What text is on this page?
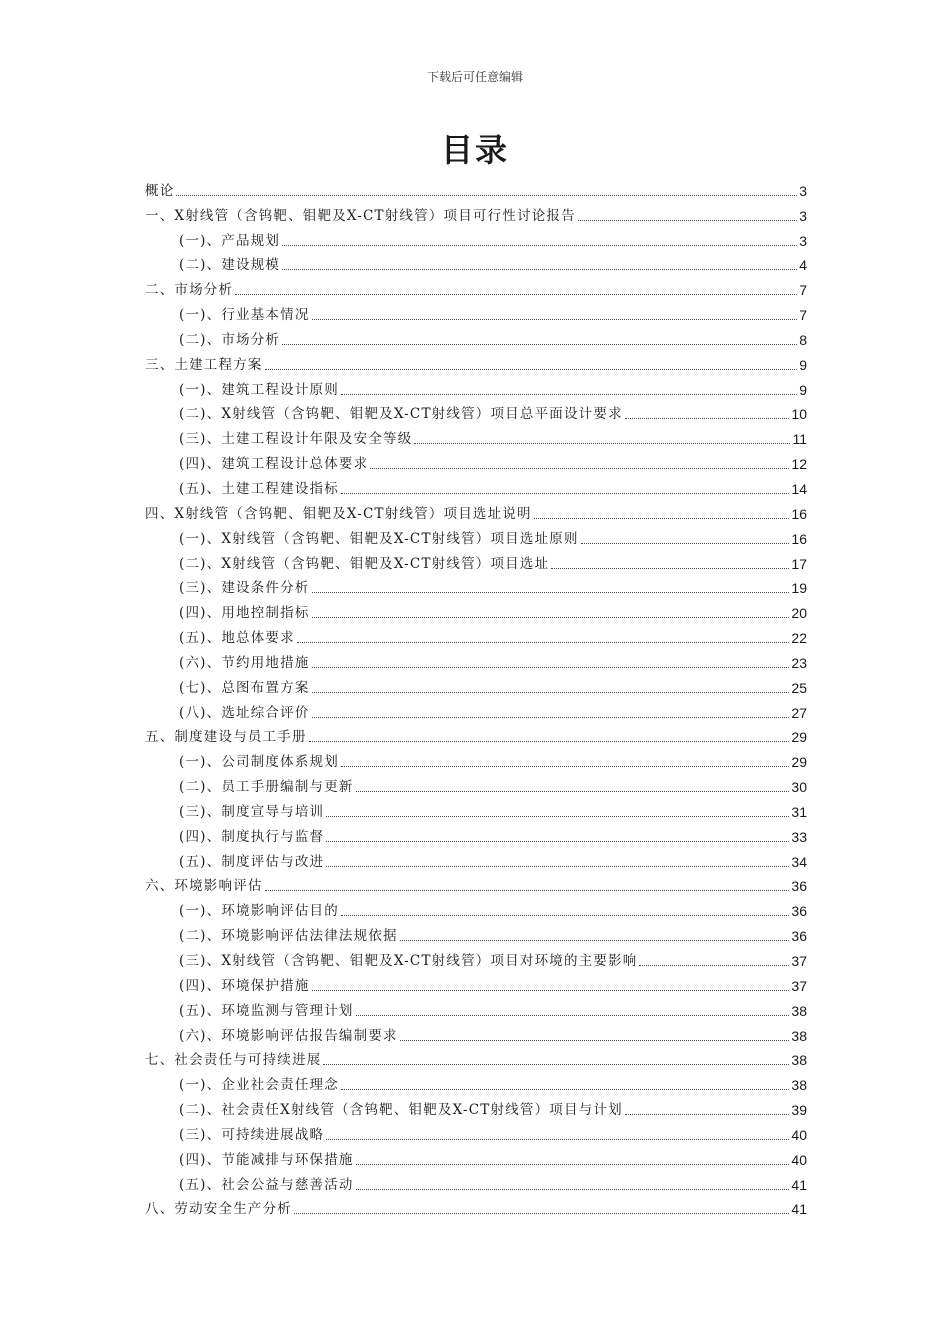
下载后可任意编辑
目录
概论	3
一、X射线管（含钨靶、钼靶及X-CT射线管）项目可行性讨论报告	3
(一)、产品规划	3
(二)、建设规模	4
二、市场分析	7
(一)、行业基本情况	7
(二)、市场分析	8
三、土建工程方案	9
(一)、建筑工程设计原则	9
(二)、X射线管（含钨靶、钼靶及X-CT射线管）项目总平面设计要求	10
(三)、土建工程设计年限及安全等级	11
(四)、建筑工程设计总体要求	12
(五)、土建工程建设指标	14
四、X射线管（含钨靶、钼靶及X-CT射线管）项目选址说明	16
(一)、X射线管（含钨靶、钼靶及X-CT射线管）项目选址原则	16
(二)、X射线管（含钨靶、钼靶及X-CT射线管）项目选址	17
(三)、建设条件分析	19
(四)、用地控制指标	20
(五)、地总体要求	22
(六)、节约用地措施	23
(七)、总图布置方案	25
(八)、选址综合评价	27
五、制度建设与员工手册	29
(一)、公司制度体系规划	29
(二)、员工手册编制与更新	30
(三)、制度宣导与培训	31
(四)、制度执行与监督	33
(五)、制度评估与改进	34
六、环境影响评估	36
(一)、环境影响评估目的	36
(二)、环境影响评估法律法规依据	36
(三)、X射线管（含钨靶、钼靶及X-CT射线管）项目对环境的主要影响	37
(四)、环境保护措施	37
(五)、环境监测与管理计划	38
(六)、环境影响评估报告编制要求	38
七、社会责任与可持续进展	38
(一)、企业社会责任理念	38
(二)、社会责任X射线管（含钨靶、钼靶及X-CT射线管）项目与计划	39
(三)、可持续进展战略	40
(四)、节能减排与环保措施	40
(五)、社会公益与慈善活动	41
八、劳动安全生产分析	41
